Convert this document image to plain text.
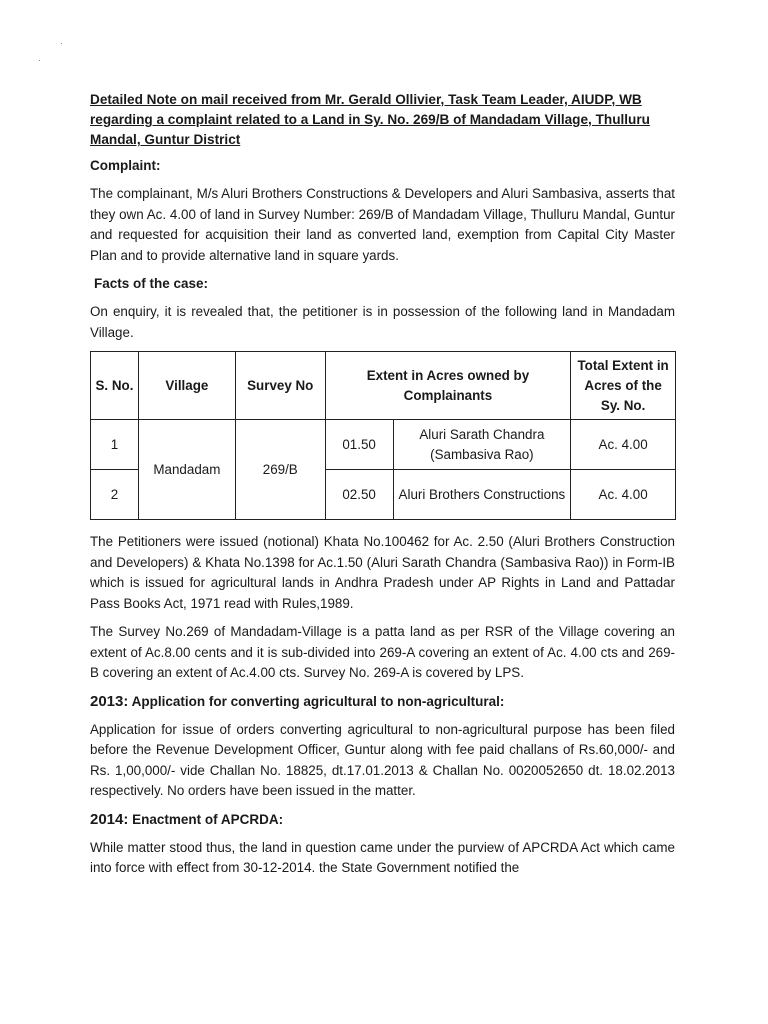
·
·

Detailed Note on mail received from Mr. Gerald Ollivier, Task Team Leader, AIUDP, WB regarding a complaint related to a Land in Sy. No. 269/B of Mandadam Village, Thulluru Mandal, Guntur District

Complaint:

The complainant, M/s Aluri Brothers Constructions & Developers and Aluri Sambasiva, asserts that they own Ac. 4.00 of land in Survey Number: 269/B of Mandadam Village, Thulluru Mandal, Guntur and requested for acquisition their land as converted land, exemption from Capital City Master Plan and to provide alternative land in square yards.

Facts of the case:

On enquiry, it is revealed that, the petitioner is in possession of the following land in Mandadam Village.

S. No.	Village	Survey No	Extent in Acres owned by Complainants		Total Extent in Acres of the Sy. No.
1	Mandadam	269/B	01.50	Aluri Sarath Chandra (Sambasiva Rao)	Ac. 4.00
2			02.50	Aluri Brothers Constructions	Ac. 4.00

The Petitioners were issued (notional) Khata No.100462 for Ac. 2.50 (Aluri Brothers Construction and Developers) & Khata No.1398 for Ac.1.50 (Aluri Sarath Chandra (Sambasiva Rao)) in Form-IB which is issued for agricultural lands in Andhra Pradesh under AP Rights in Land and Pattadar Pass Books Act, 1971 read with Rules,1989.

The Survey No.269 of Mandadam-Village is a patta land as per RSR of the Village covering an extent of Ac.8.00 cents and it is sub-divided into 269-A covering an extent of Ac. 4.00 cts and 269-B covering an extent of Ac.4.00 cts. Survey No. 269-A is covered by LPS.

2013: Application for converting agricultural to non-agricultural:

Application for issue of orders converting agricultural to non-agricultural purpose has been filed before the Revenue Development Officer, Guntur along with fee paid challans of Rs.60,000/- and Rs. 1,00,000/- vide Challan No. 18825, dt.17.01.2013 & Challan No. 0020052650 dt. 18.02.2013 respectively. No orders have been issued in the matter.

2014: Enactment of APCRDA:

While matter stood thus, the land in question came under the purview of APCRDA Act which came into force with effect from 30-12-2014. the State Government notified the
